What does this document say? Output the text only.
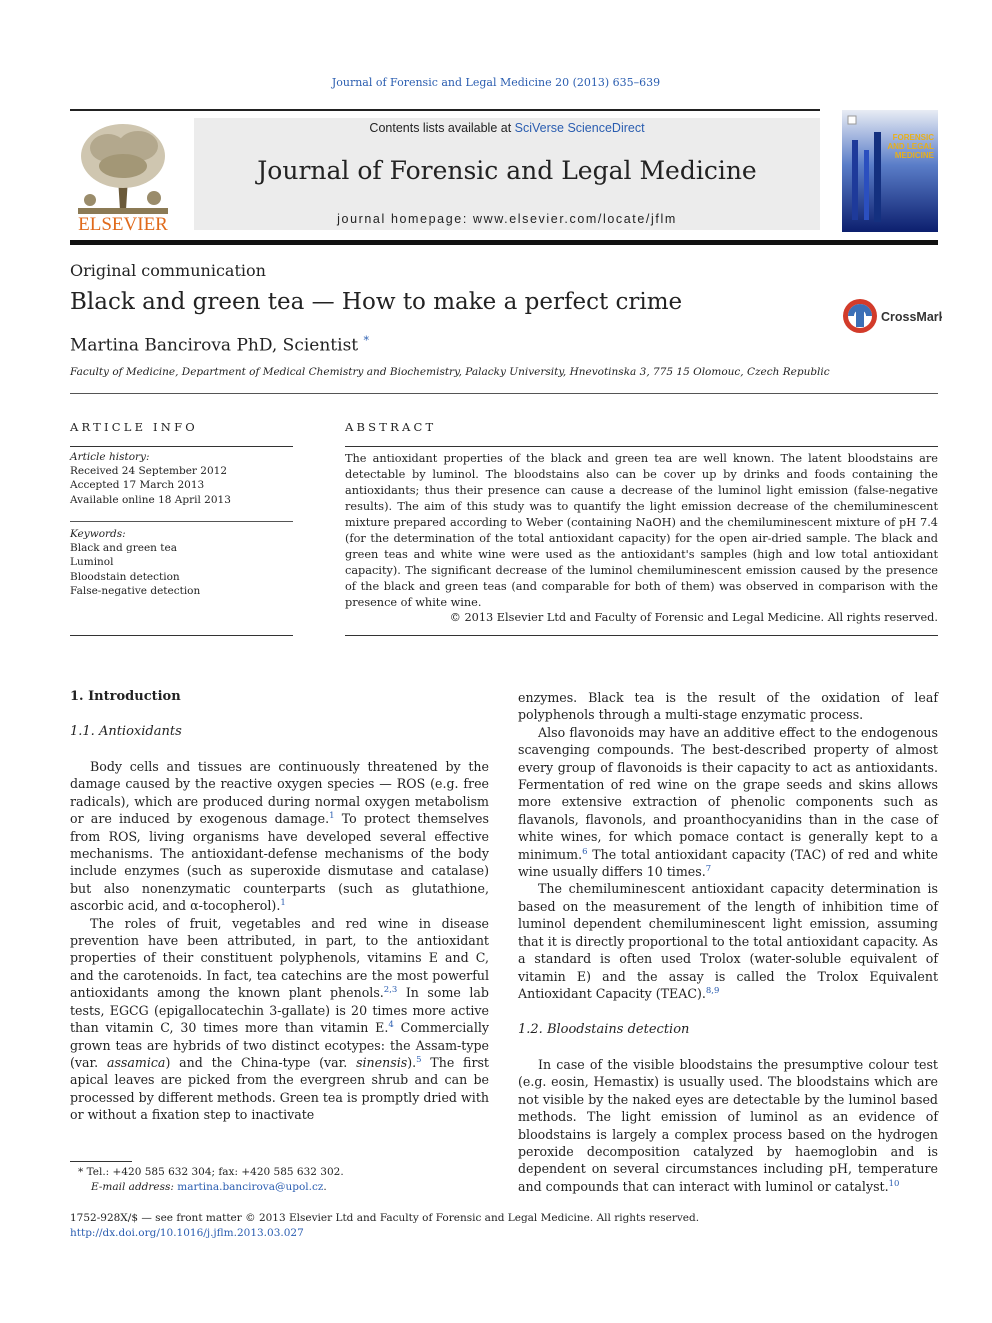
Journal of Forensic and Legal Medicine 20 (2013) 635–639
ELSEVIER
Contents lists available at SciVerse ScienceDirect
Journal of Forensic and Legal Medicine
journal homepage: www.elsevier.com/locate/jflm
FORENSIC
AND LEGAL
MEDICINE
Original communication
Black and green tea — How to make a perfect crime
CrossMark
Martina Bancirova PhD, Scientist *
Faculty of Medicine, Department of Medical Chemistry and Biochemistry, Palacky University, Hnevotinska 3, 775 15 Olomouc, Czech Republic
ARTICLE INFO	ABSTRACT
Article history:
Received 24 September 2012
Accepted 17 March 2013
Available online 18 April 2013
Keywords:
Black and green tea
Luminol
Bloodstain detection
False-negative detection
The antioxidant properties of the black and green tea are well known. The latent bloodstains are detectable by luminol. The bloodstains also can be cover up by drinks and foods containing the antioxidants; thus their presence can cause a decrease of the luminol light emission (false-negative results). The aim of this study was to quantify the light emission decrease of the chemiluminescent mixture prepared according to Weber (containing NaOH) and the chemiluminescent mixture of pH 7.4 (for the determination of the total antioxidant capacity) for the open air-dried sample. The black and green teas and white wine were used as the antioxidant's samples (high and low total antioxidant capacity). The significant decrease of the luminol chemiluminescent emission caused by the presence of the black and green teas (and comparable for both of them) was observed in comparison with the presence of white wine.
© 2013 Elsevier Ltd and Faculty of Forensic and Legal Medicine. All rights reserved.
1. Introduction
1.1. Antioxidants

Body cells and tissues are continuously threatened by the damage caused by the reactive oxygen species — ROS (e.g. free radicals), which are produced during normal oxygen metabolism or are induced by exogenous damage.$^1$ To protect themselves from ROS, living organisms have developed several effective mechanisms. The antioxidant-defense mechanisms of the body include enzymes (such as superoxide dismutase and catalase) but also nonenzymatic counterparts (such as glutathione, ascorbic acid, and α-tocopherol).$^1$

The roles of fruit, vegetables and red wine in disease prevention have been attributed, in part, to the antioxidant properties of their constituent polyphenols, vitamins E and C, and the carotenoids. In fact, tea catechins are the most powerful antioxidants among the known plant phenols.$^{2,3}$ In some lab tests, EGCG (epigallocatechin 3-gallate) is 20 times more active than vitamin C, 30 times more than vitamin E.$^4$ Commercially grown teas are hybrids of two distinct ecotypes: the Assam-type (var. assamica) and the China-type (var. sinensis).$^5$ The first apical leaves are picked from the evergreen shrub and can be processed by different methods. Green tea is promptly dried with or without a fixation step to inactivate

enzymes. Black tea is the result of the oxidation of leaf polyphenols through a multi-stage enzymatic process.

Also flavonoids may have an additive effect to the endogenous scavenging compounds. The best-described property of almost every group of flavonoids is their capacity to act as antioxidants. Fermentation of red wine on the grape seeds and skins allows more extensive extraction of phenolic components such as flavanols, flavonols, and proanthocyanidins than in the case of white wines, for which pomace contact is generally kept to a minimum.$^6$ The total antioxidant capacity (TAC) of red and white wine usually differs 10 times.$^7$

The chemiluminescent antioxidant capacity determination is based on the measurement of the length of inhibition time of luminol dependent chemiluminescent light emission, assuming that it is directly proportional to the total antioxidant capacity. As a standard is often used Trolox (water-soluble equivalent of vitamin E) and the assay is called the Trolox Equivalent Antioxidant Capacity (TEAC).$^{8,9}$

1.2. Bloodstains detection

In case of the visible bloodstains the presumptive colour test (e.g. eosin, Hemastix) is usually used. The bloodstains which are not visible by the naked eyes are detectable by the luminol based methods. The light emission of luminol as an evidence of bloodstains is largely a complex process based on the hydrogen peroxide decomposition catalyzed by haemoglobin and is dependent on several circumstances including pH, temperature and compounds that can interact with luminol or catalyst.$^{10}$

* Tel.: +420 585 632 304; fax: +420 585 632 302.
E-mail address: martina.bancirova@upol.cz.
1752-928X/$ — see front matter © 2013 Elsevier Ltd and Faculty of Forensic and Legal Medicine. All rights reserved.
http://dx.doi.org/10.1016/j.jflm.2013.03.027
